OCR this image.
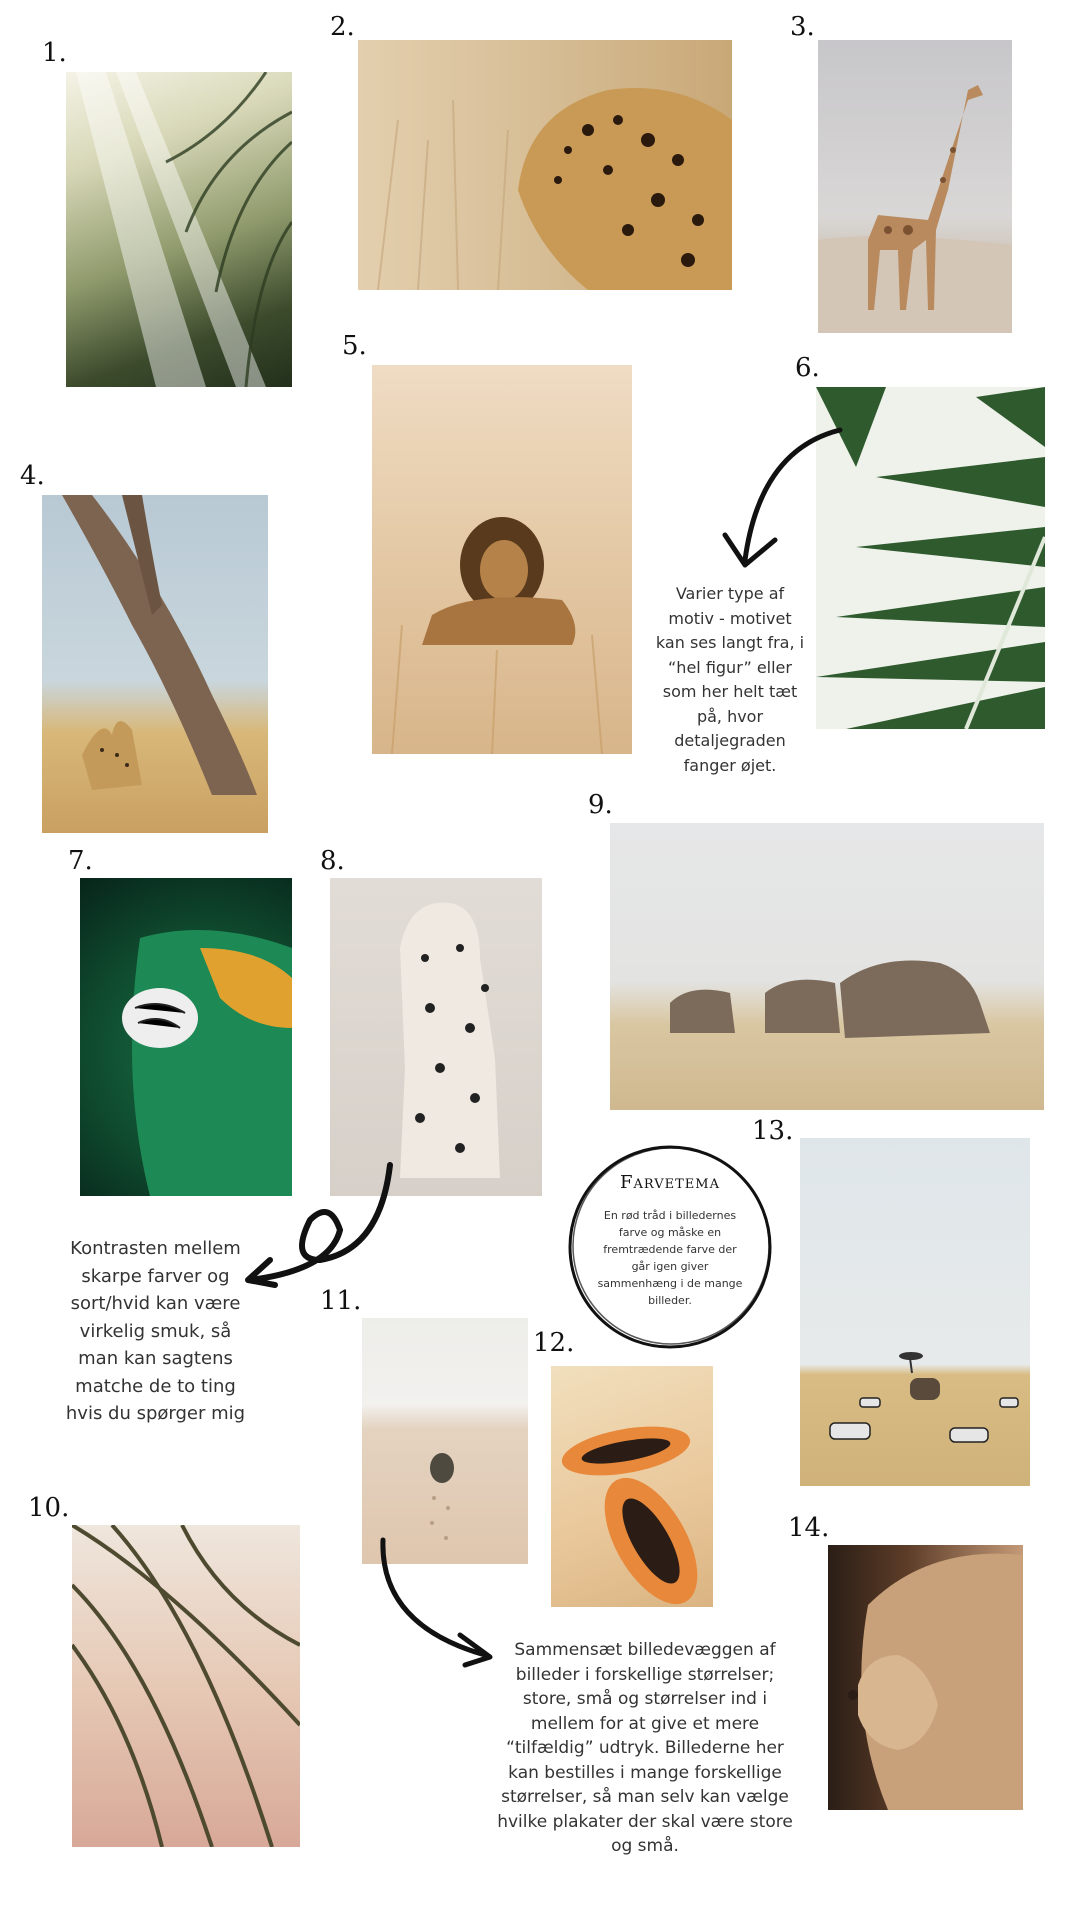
1.
2.	3.
4.
5.
6.
7.	8.
9.
10.
11.
12.
13.
14.

Varier type af motiv - motivet kan ses langt fra, i “hel figur” eller som her helt tæt på, hvor detaljegraden fanger øjet.
Kontrasten mellem skarpe farver og sort/hvid kan være virkelig smuk, så man kan sagtens matche de to ting hvis du spørger mig
Sammensæt billedevæggen af billeder i forskellige størrelser; store, små og størrelser ind i mellem for at give et mere “tilfældig” udtryk. Billederne her kan bestilles i mange forskellige størrelser, så man selv kan vælge hvilke plakater der skal være store og små.
Farvetema
En rød tråd i billedernes farve og måske en fremtrædende farve der går igen giver sammenhæng i de mange billeder.
